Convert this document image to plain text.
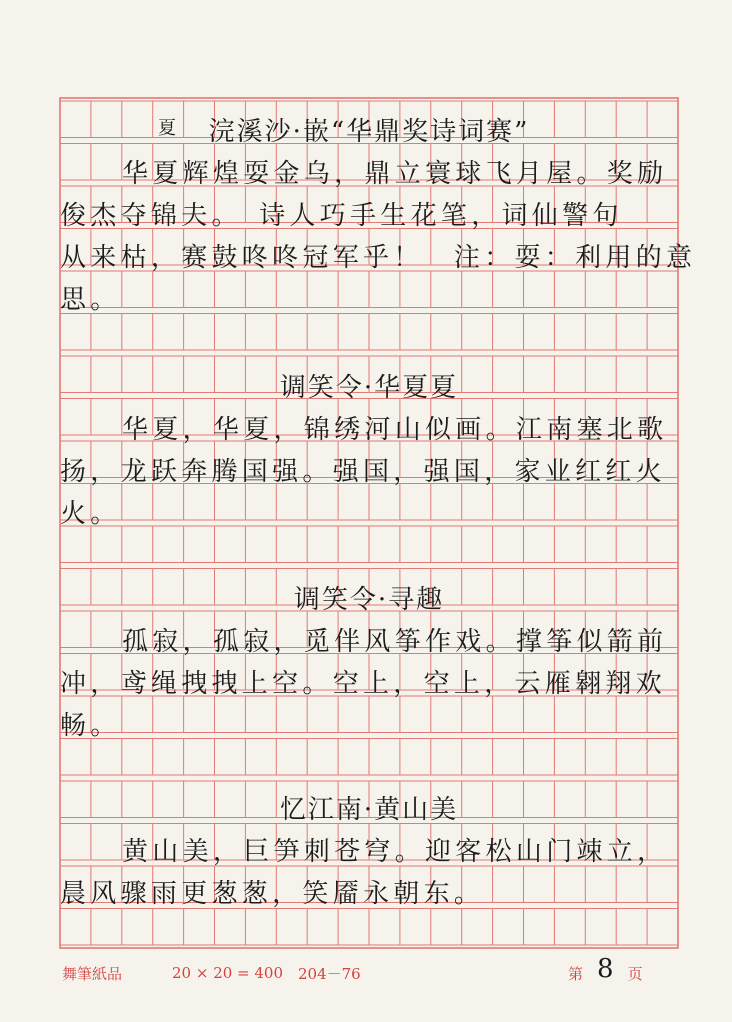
夏	浣溪沙·嵌“华鼎奖诗词赛”
华夏辉煌耍金乌，鼎立寰球飞月屋。奖励
俊杰夺锦夫。　诗人巧手生花笔，词仙警句
从来枯，赛鼓咚咚冠军乎！　注：耍：利用的意
思。
调笑令·华夏夏
华夏，华夏，锦绣河山似画。江南塞北歌
扬，龙跃奔腾国强。强国，强国，家业红红火
火。
调笑令·寻趣
孤寂，孤寂，觅伴风筝作戏。撑筝似箭前
冲，鸢绳拽拽上空。空上，空上，云雁翱翔欢
畅。
忆江南·黄山美
黄山美，巨笋刺苍穹。迎客松山门竦立，
晨风骤雨更葱葱，笑靥永朝东。
舞筆紙品	20 × 20 = 400 204－76	第 8 页
